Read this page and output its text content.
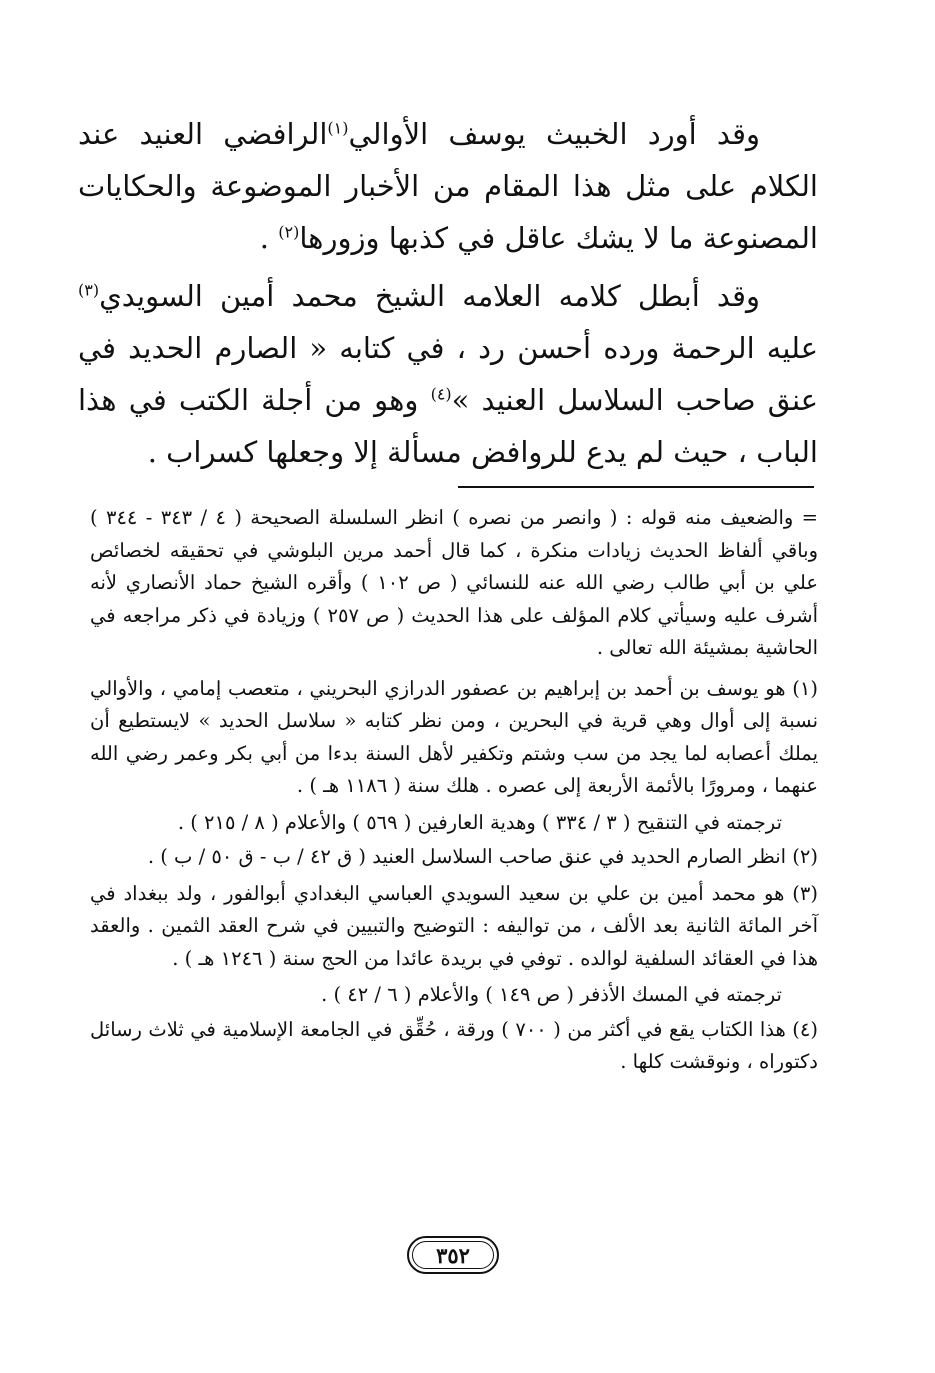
وقد أورد الخبيث يوسف الأوالي$^{(١)}$الرافضي العنيد عند الكلام على مثل هذا المقام من الأخبار الموضوعة والحكايات المصنوعة ما لا يشك عاقل في كذبها وزورها$^{(٢)}$ .

وقد أبطل كلامه العلامه الشيخ محمد أمين السويدي$^{(٣)}$ عليه الرحمة ورده أحسن رد ، في كتابه « الصارم الحديد في عنق صاحب السلاسل العنيد »$^{(٤)}$ وهو من أجلة الكتب في هذا الباب ، حيث لم يدع للروافض مسألة إلا وجعلها كسراب .

= والضعيف منه قوله : ( وانصر من نصره ) انظر السلسلة الصحيحة ( ٤ / ٣٤٣ - ٣٤٤ ) وباقي ألفاظ الحديث زيادات منكرة ، كما قال أحمد مرين البلوشي في تحقيقه لخصائص علي بن أبي طالب رضي الله عنه للنسائي ( ص ١٠٢ ) وأقره الشيخ حماد الأنصاري لأنه أشرف عليه وسيأتي كلام المؤلف على هذا الحديث ( ص ٢٥٧ ) وزيادة في ذكر مراجعه في الحاشية بمشيئة الله تعالى .
(١) هو يوسف بن أحمد بن إبراهيم بن عصفور الدرازي البحريني ، متعصب إمامي ، والأوالي نسبة إلى أوال وهي قرية في البحرين ، ومن نظر كتابه « سلاسل الحديد » لايستطيع أن يملك أعصابه لما يجد من سب وشتم وتكفير لأهل السنة بدءا من أبي بكر وعمر رضي الله عنهما ، ومرورًا بالأئمة الأربعة إلى عصره . هلك سنة ( ١١٨٦ هـ ) .
ترجمته في التنقيح ( ٣ / ٣٣٤ ) وهدية العارفين ( ٥٦٩ ) والأعلام ( ٨ / ٢١٥ ) .
(٢) انظر الصارم الحديد في عنق صاحب السلاسل العنيد ( ق ٤٢ / ب - ق ٥٠ / ب ) .
(٣) هو محمد أمين بن علي بن سعيد السويدي العباسي البغدادي أبوالفور ، ولد ببغداد في آخر المائة الثانية بعد الألف ، من تواليفه : التوضيح والتبيين في شرح العقد الثمين . والعقد هذا في العقائد السلفية لوالده . توفي في بريدة عائدا من الحج سنة ( ١٢٤٦ هـ ) .
ترجمته في المسك الأذفر ( ص ١٤٩ ) والأعلام ( ٦ / ٤٢ ) .
(٤) هذا الكتاب يقع في أكثر من ( ٧٠٠ ) ورقة ، حُقِّق في الجامعة الإسلامية في ثلاث رسائل دكتوراه ، ونوقشت كلها .
٣٥٢
